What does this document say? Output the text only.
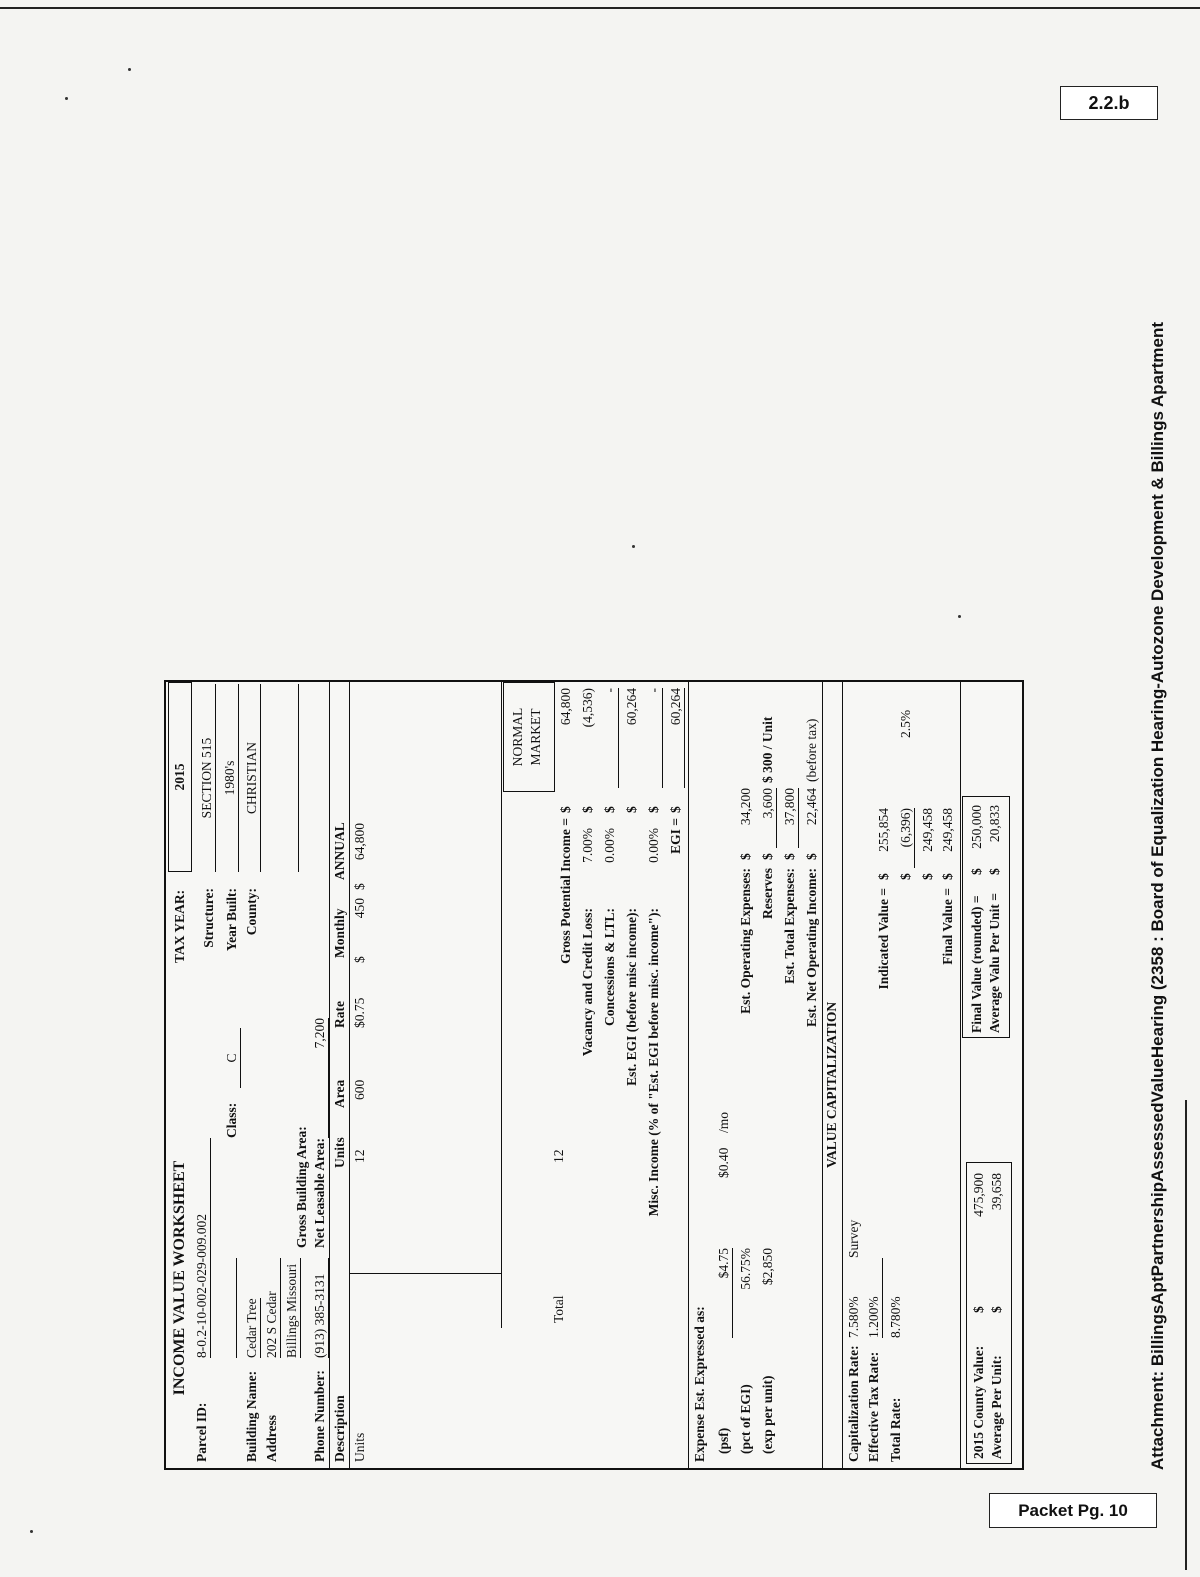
2.2.b
Packet Pg. 10
Attachment: BillingsAptPartnershipAssessedValueHearing (2358 : Board of Equalization Hearing-Autozone Development & Billings Apartment
INCOME VALUE WORKSHEET
TAX YEAR:
2015
Parcel ID:
8-0.2-10-002-029-009.002
Structure:
SECTION 515
Class:
C
Year Built:
1980's
Building Name:
Cedar Tree
County:
CHRISTIAN
Address
202 S Cedar Billings Missouri
Gross Building Area:
Phone Number:
(913) 385-3131
Net Leasable Area:
7,200
Description
Units
Area
Rate
Monthly
ANNUAL
Units
12
600
$0.75
$
450
$
64,800
Total
12
NORMAL MARKET
Gross Potential Income =
$
64,800
Vacancy and Credit Loss:
7.00%
$
(4,536)
Concessions & LTL:
0.00%
$
-
Est. EGI (before misc income):
$
60,264
Misc. Income (% of "Est. EGI before misc. income"):
0.00%
$
-
EGI =
$
60,264
Expense Est. Expressed as: (psf)
$4.75
$0.40
/mo
(pct of EGI)
56.75%
Est. Operating Expenses:
$
34,200
(exp per unit)
$2,850
Reserves
$
3,600
$ 300 / Unit
Est. Total Expenses:
$
37,800
Est. Net Operating Income:
$
22,464
(before tax)
VALUE CAPITALIZATION
Capitalization Rate:
7.580%
Survey
Effective Tax Rate:
1.200%
Indicated Value =
$
255,854
Total Rate:
8.780%
$
(6,396)
2.5%
$
249,458
Final Value =
$
249,458
2015 County Value:
$
475,900
Average Per Unit:
$
39,658
Final Value (rounded) =
$
250,000
Average Valu Per Unit =
$
20,833
